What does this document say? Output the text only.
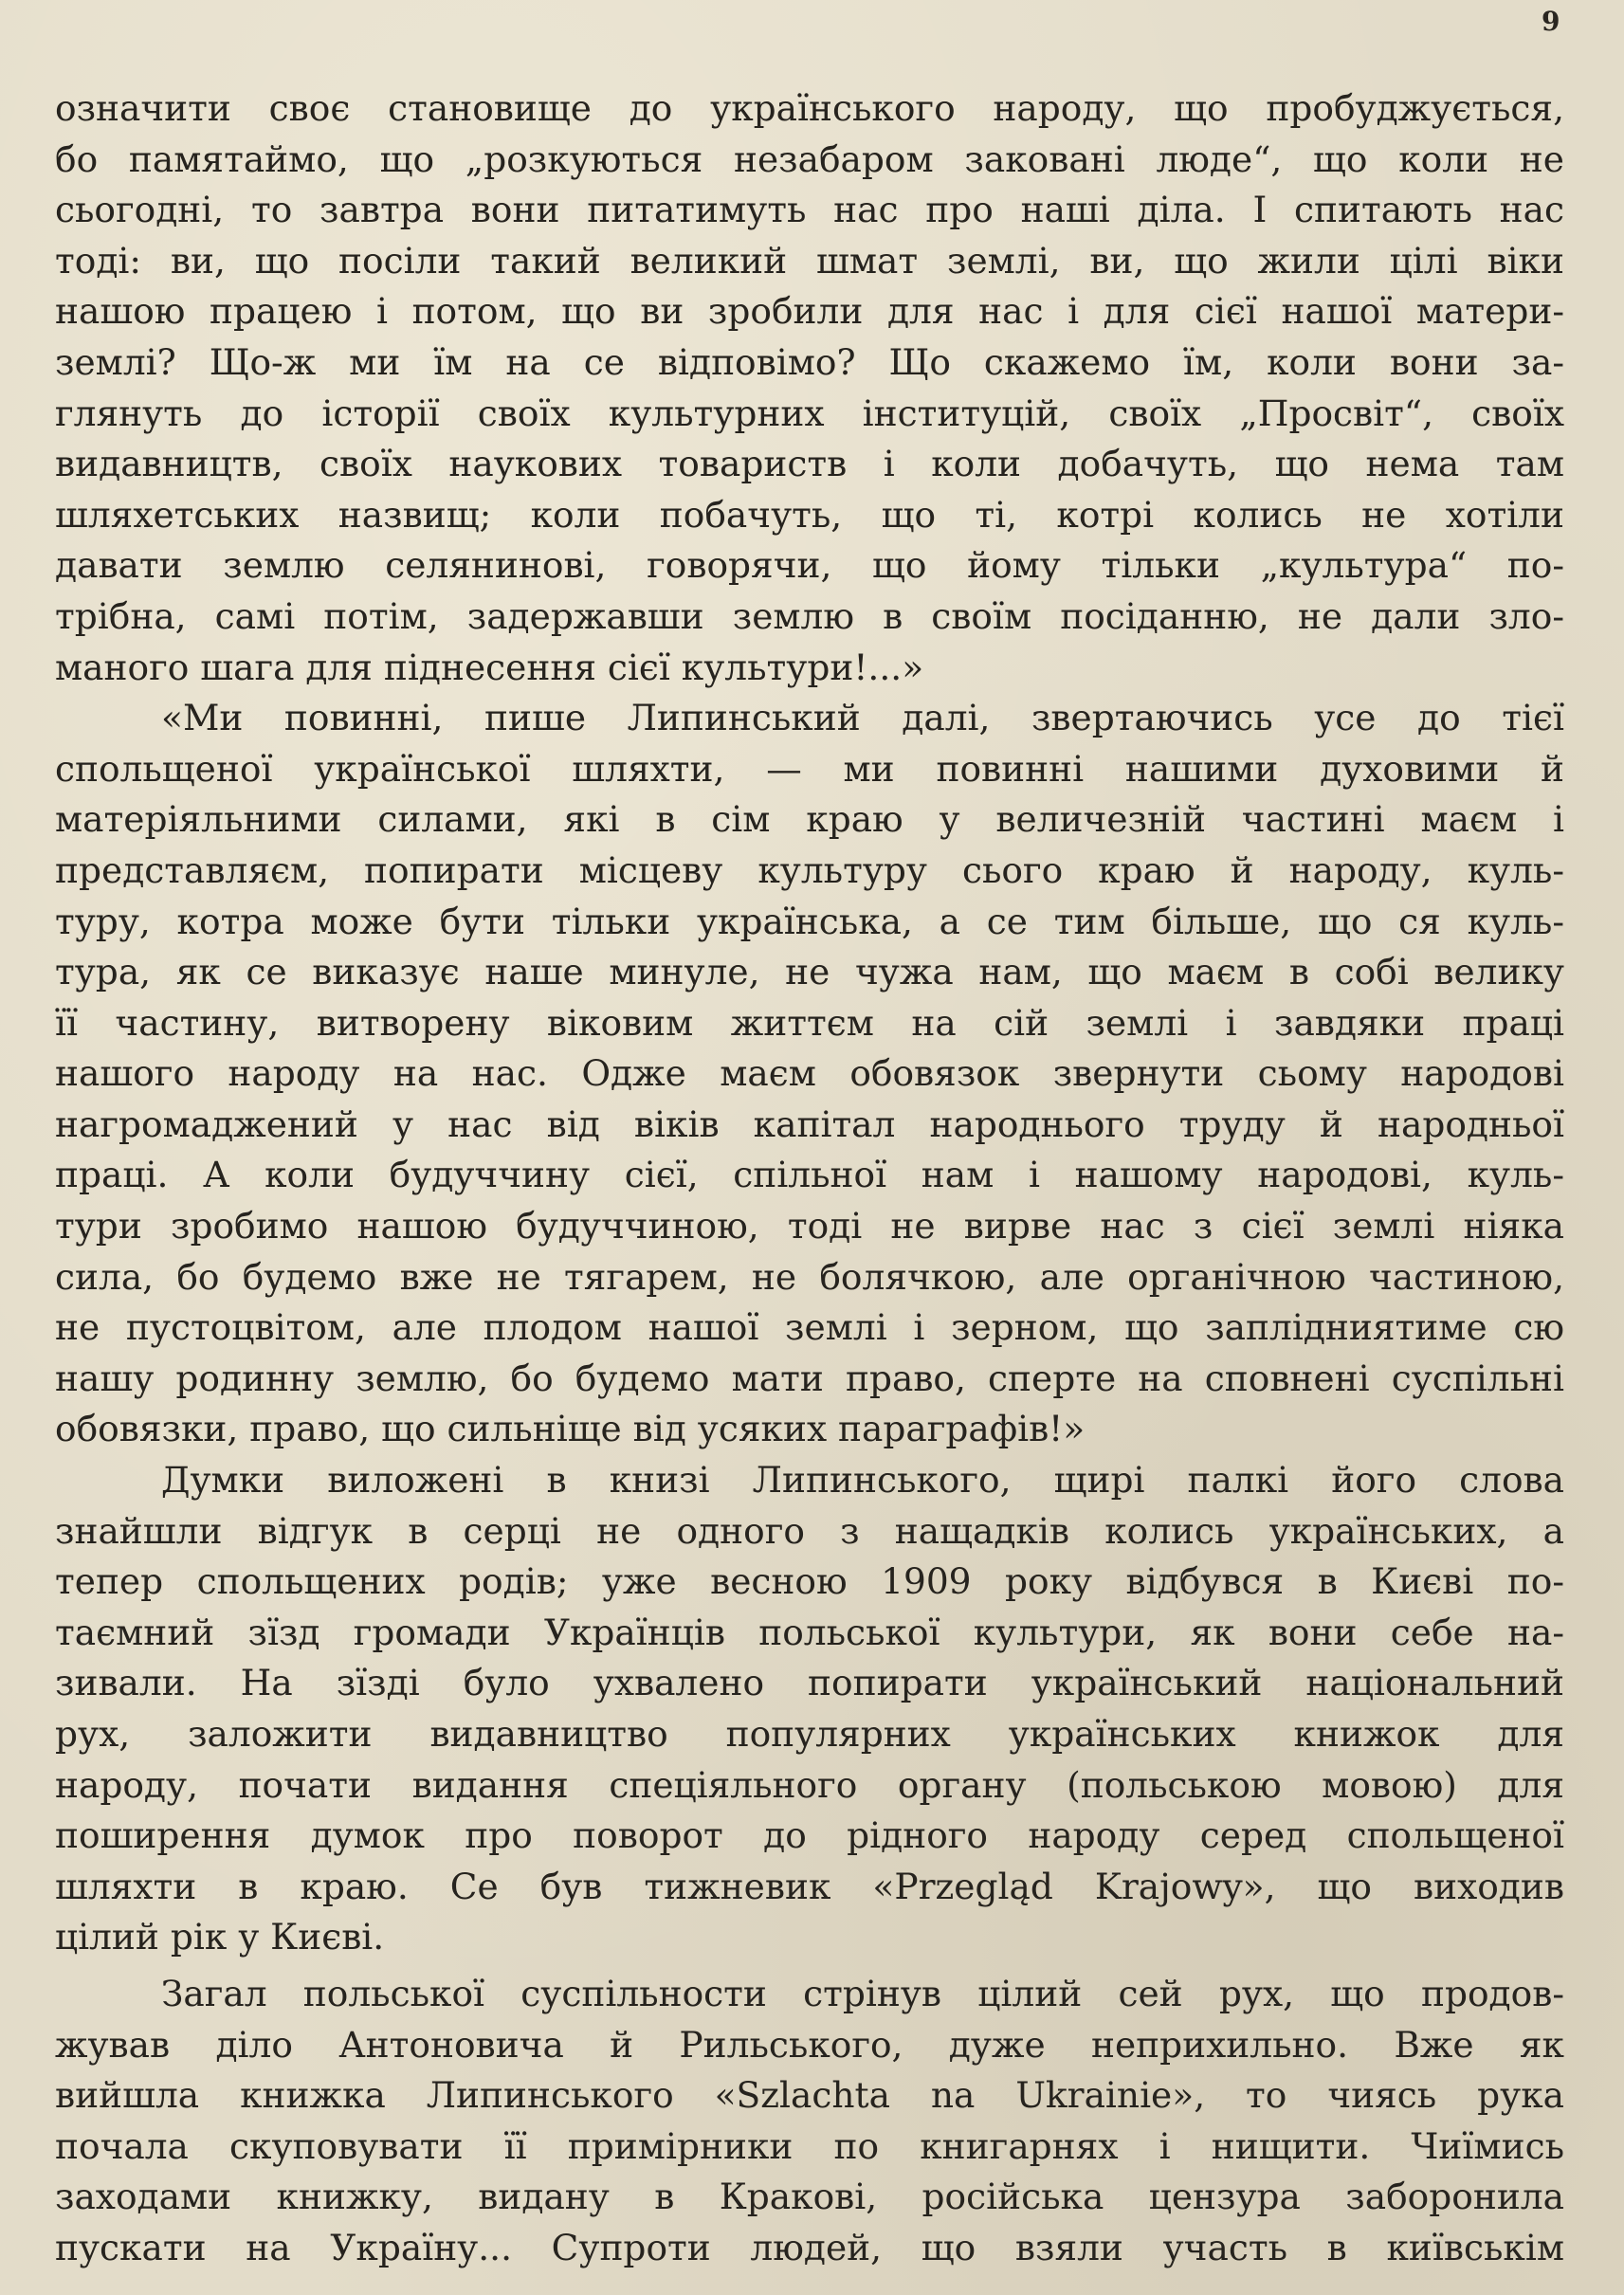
9
означити своє становище до українського народу, що пробуджується,
бо памятаймо, що „розкуються незабаром заковані люде“, що коли не
сьогодні, то завтра вони питатимуть нас про наші діла. І спитають нас
тоді: ви, що посіли такий великий шмат землі, ви, що жили цілі віки
нашою працею і потом, що ви зробили для нас і для сієї нашої матери-
землі? Що-ж ми їм на се відповімо? Що скажемо їм, коли вони за-
глянуть до історії своїх культурних інституцій, своїх „Просвіт“, своїх
видавництв, своїх наукових товариств і коли добачуть, що нема там
шляхетських назвищ; коли побачуть, що ті, котрі колись не хотіли
давати землю селянинові, говорячи, що йому тільки „культура“ по-
трібна, самі потім, задержавши землю в своїм посіданню, не дали зло-
маного шага для піднесення сієї культури!...»
«Ми повинні, пише Липинський далі, звертаючись усе до тієї
спольщеної української шляхти, — ми повинні нашими духовими й
матеріяльними силами, які в сім краю у величезній частині маєм і
представляєм, попирати місцеву культуру сього краю й народу, куль-
туру, котра може бути тільки українська, а се тим більше, що ся куль-
тура, як се виказує наше минуле, не чужа нам, що маєм в собі велику
її частину, витворену віковим життєм на сій землі і завдяки праці
нашого народу на нас. Одже маєм обовязок звернути сьому народові
нагромаджений у нас від віків капітал народнього труду й народньої
праці. А коли будуччину сієї, спільної нам і нашому народові, куль-
тури зробимо нашою будуччиною, тоді не вирве нас з сієї землі ніяка
сила, бо будемо вже не тягарем, не болячкою, але органічною частиною,
не пустоцвітом, але плодом нашої землі і зерном, що заплідниятиме сю
нашу родинну землю, бо будемо мати право, сперте на сповнені суспільні
обовязки, право, що сильніще від усяких параграфів!»
Думки виложені в книзі Липинського, щирі палкі його слова
знайшли відгук в серці не одного з нащадків колись українських, а
тепер спольщених родів; уже весною 1909 року відбувся в Києві по-
таємний зїзд громади Українців польської культури, як вони себе на-
зивали. На зїзді було ухвалено попирати український національний
рух, заложити видавництво популярних українських книжок для
народу, почати видання спеціяльного органу (польською мовою) для
поширення думок про поворот до рідного народу серед спольщеної
шляхти в краю. Се був тижневик «Przegląd Krajowy», що виходив
цілий рік у Києві.
Загал польської суспільности стрінув цілий сей рух, що продов-
жував діло Антоновича й Рильського, дуже неприхильно. Вже як
вийшла книжка Липинського «Szlachta na Ukrainie», то чиясь рука
почала скуповувати її примірники по книгарнях і нищити. Чиїмись
заходами книжку, видану в Кракові, російська цензура заборонила
пускати на Україну... Супроти людей, що взяли участь в київськім
